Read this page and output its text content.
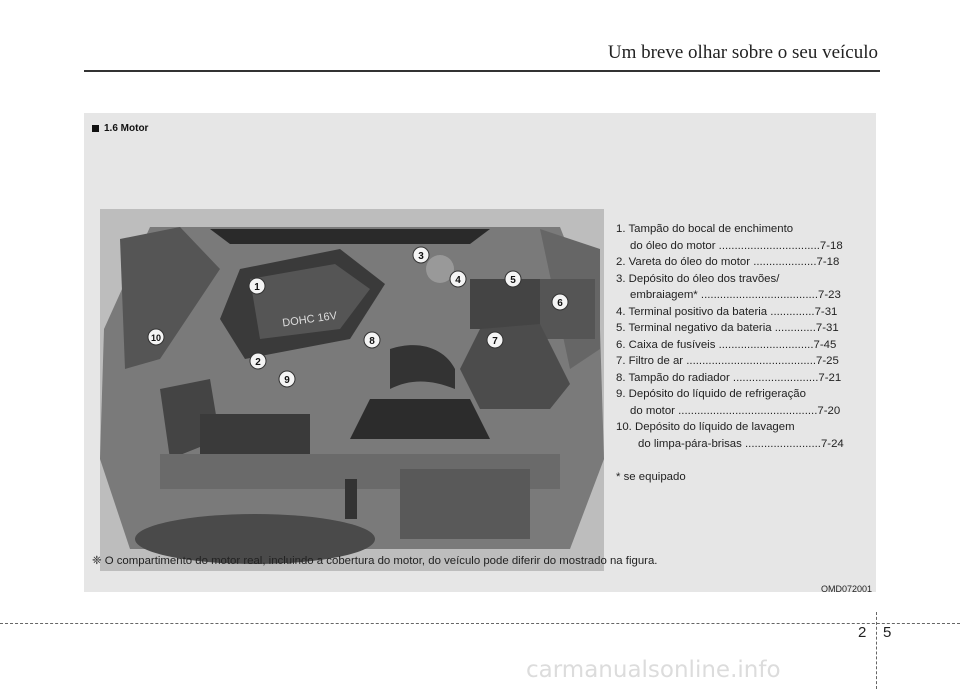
Um breve olhar sobre o seu veículo
1.6 Motor
DOHC 16V
1
2
3
4	5
6
7
8
9
10
1. Tampão do bocal de enchimento
do óleo do motor ................................7-18
2. Vareta do óleo do motor ....................7-18
3. Depósito do óleo dos travões/
embraiagem* .....................................7-23
4. Terminal positivo da bateria ..............7-31
5. Terminal negativo da bateria .............7-31
6. Caixa de fusíveis ..............................7-45
7. Filtro de ar .........................................7-25
8. Tampão do radiador ...........................7-21
9. Depósito do líquido de refrigeração
do motor ............................................7-20
10. Depósito do líquido de lavagem
do limpa-pára-brisas ........................7-24
* se equipado
❈ O compartimento do motor real, incluindo a cobertura do motor, do veículo pode diferir do mostrado na figura.
OMD072001
2 5
carmanualsonline.info
